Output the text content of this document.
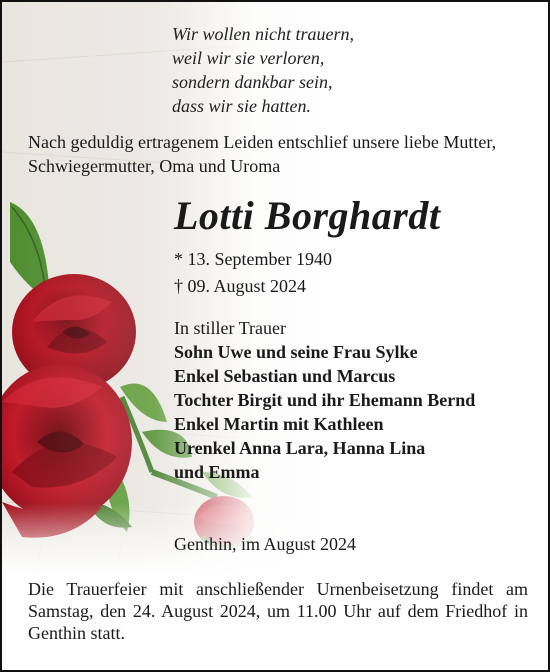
Wir wollen nicht trauern,
weil wir sie verloren,
sondern dankbar sein,
dass wir sie hatten.
Nach geduldig ertragenem Leiden entschlief unsere liebe Mutter, Schwiegermutter, Oma und Uroma
Lotti Borghardt
* 13. September 1940
† 09. August 2024
In stiller Trauer
Sohn Uwe und seine Frau Sylke
Enkel Sebastian und Marcus
Tochter Birgit und ihr Ehemann Bernd
Enkel Martin mit Kathleen
Urenkel Anna Lara, Hanna Lina
und Emma
Genthin, im August 2024
Die Trauerfeier mit anschließender Urnenbeisetzung findet am Samstag, den 24. August 2024, um 11.00 Uhr auf dem Friedhof in Genthin statt.
